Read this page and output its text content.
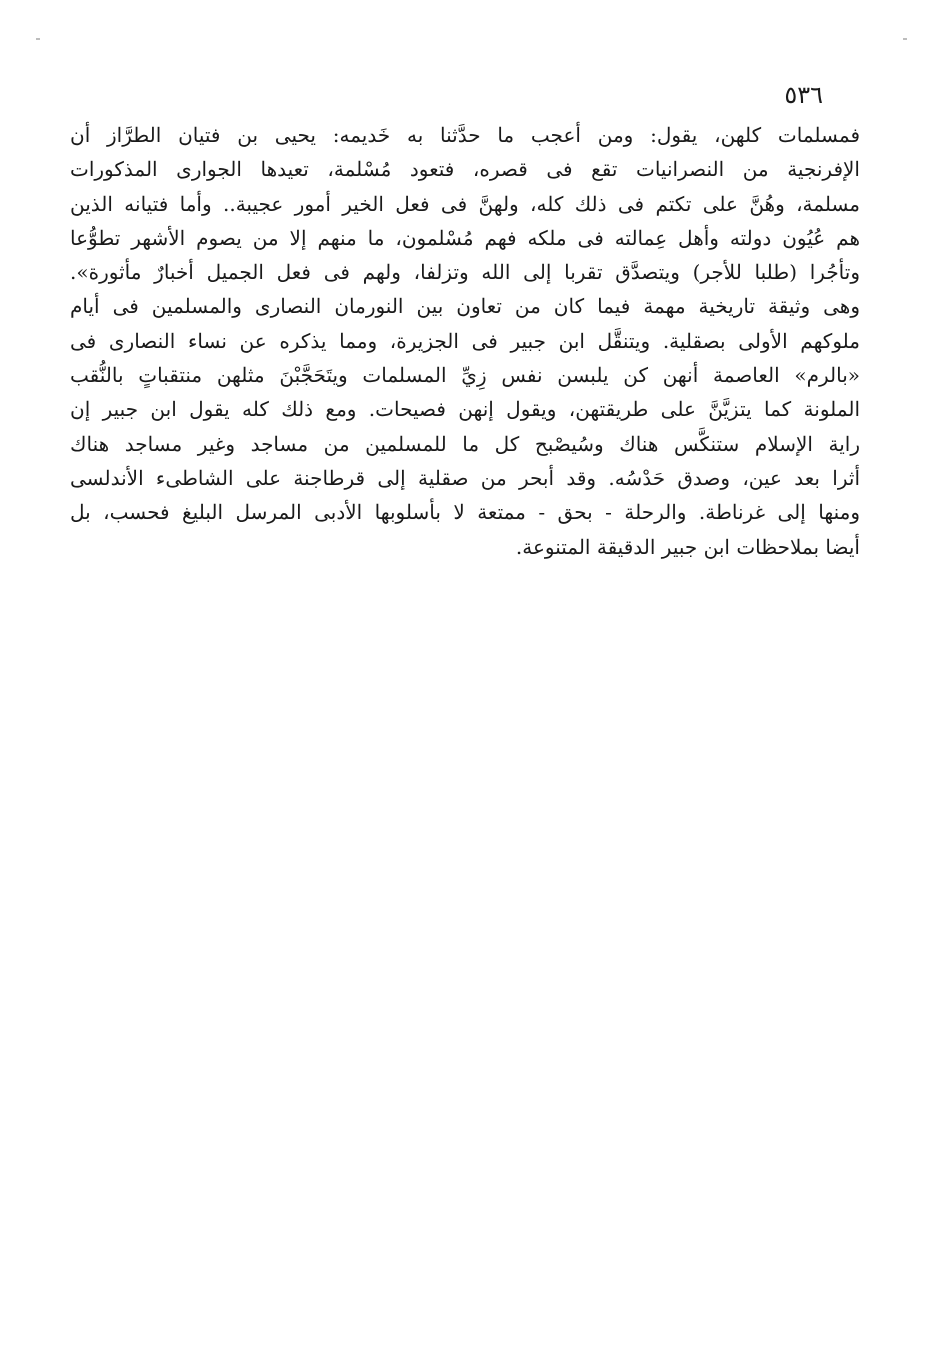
٥٣٦
فمسلمات كلهن، يقول: ومن أعجب ما حدَّثنا به خَديمه: يحيى بن فتيان الطرَّاز أن
الإفرنجية من النصرانيات تقع فى قصره، فتعود مُسْلمة، تعيدها الجوارى المذكورات
مسلمة، وهُنَّ على تكتم فى ذلك كله، ولهنَّ فى فعل الخير أمور عجيبة.. وأما فتيانه الذين
هم عُيُون دولته وأهل عِمالته فى ملكه فهم مُسْلمون، ما منهم إلا من يصوم الأشهر تطوُّعا
وتأجُرا (طلبا للأجر) ويتصدَّق تقربا إلى الله وتزلفا، ولهم فى فعل الجميل أخبارٌ مأثورة».
وهى وثيقة تاريخية مهمة فيما كان من تعاون بين النورمان النصارى والمسلمين فى أيام
ملوكهم الأولى بصقلية. ويتنقَّل ابن جبير فى الجزيرة، ومما يذكره عن نساء النصارى فى
«بالرم» العاصمة أنهن كن يلبسن نفس زِيِّ المسلمات ويتَحَجَّبْنَ مثلهن منتقباتٍ بالنُّقب
الملونة كما يتزيَّنَّ على طريقتهن، ويقول إنهن فصيحات. ومع ذلك كله يقول ابن جبير إن
راية الإسلام ستنكَّس هناك وسُيصْبح كل ما للمسلمين من مساجد وغير مساجد هناك
أثرا بعد عين، وصدق حَدْسُه. وقد أبحر من صقلية إلى قرطاجنة على الشاطىء الأندلسى
ومنها إلى غرناطة. والرحلة - بحق - ممتعة لا بأسلوبها الأدبى المرسل البليغ فحسب، بل
أيضا بملاحظات ابن جبير الدقيقة المتنوعة.
